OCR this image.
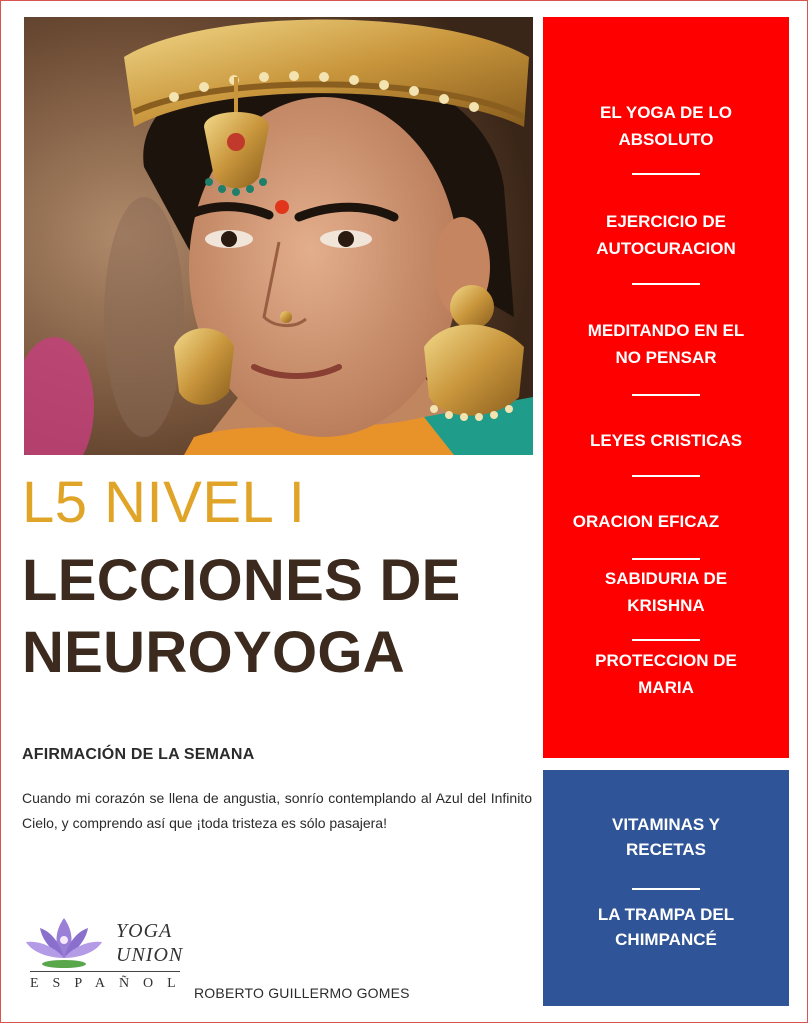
L5 NIVEL I
LECCIONES DE
NEUROYOGA
AFIRMACIÓN DE LA SEMANA

Cuando mi corazón se llena de angustia, sonrío contemplando al Azul del Infinito Cielo, y comprendo así que ¡toda tristeza es sólo pasajera!

YOGA
UNION
ESPAÑOL

ROBERTO GUILLERMO GOMES

EL YOGA DE LO
ABSOLUTO
EJERCICIO DE
AUTOCURACION
MEDITANDO EN EL
NO PENSAR
LEYES CRISTICAS
ORACION EFICAZ
SABIDURIA DE
KRISHNA
PROTECCION DE
MARIA
VITAMINAS Y
RECETAS
LA TRAMPA DEL
CHIMPANCÉ
